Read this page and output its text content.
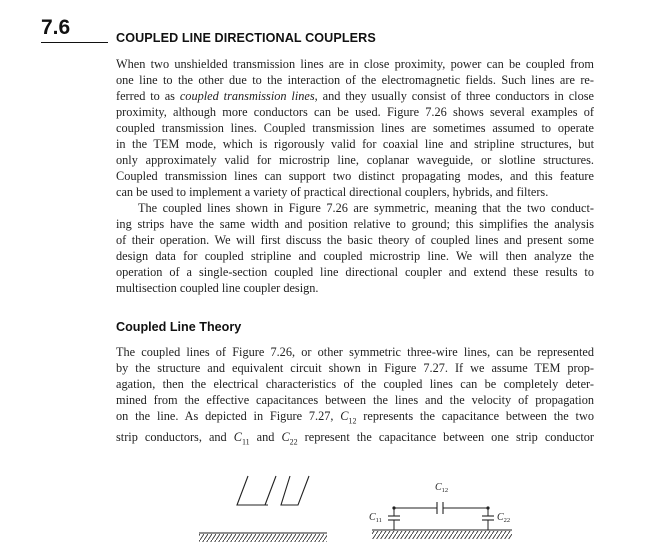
7.6	COUPLED LINE DIRECTIONAL COUPLERS
When two unshielded transmission lines are in close proximity, power can be coupled from
one line to the other due to the interaction of the electromagnetic fields. Such lines are re-
ferred to as coupled transmission lines, and they usually consist of three conductors in close
proximity, although more conductors can be used. Figure 7.26 shows several examples of
coupled transmission lines. Coupled transmission lines are sometimes assumed to operate
in the TEM mode, which is rigorously valid for coaxial line and stripline structures, but
only approximately valid for microstrip line, coplanar waveguide, or slotline structures.
Coupled transmission lines can support two distinct propagating modes, and this feature
can be used to implement a variety of practical directional couplers, hybrids, and filters.
The coupled lines shown in Figure 7.26 are symmetric, meaning that the two conduct-
ing strips have the same width and position relative to ground; this simplifies the analysis
of their operation. We will first discuss the basic theory of coupled lines and present some
design data for coupled stripline and coupled microstrip line. We will then analyze the
operation of a single-section coupled line directional coupler and extend these results to
multisection coupled line coupler design.
Coupled Line Theory
The coupled lines of Figure 7.26, or other symmetric three-wire lines, can be represented
by the structure and equivalent circuit shown in Figure 7.27. If we assume TEM prop-
agation, then the electrical characteristics of the coupled lines can be completely deter-
mined from the effective capacitances between the lines and the velocity of propagation
on the line. As depicted in Figure 7.27, $C_{12}$ represents the capacitance between the two
strip conductors, and $C_{11}$ and $C_{22}$ represent the capacitance between one strip conductor
$C_{12}$
$C_{11}$	$C_{22}$
